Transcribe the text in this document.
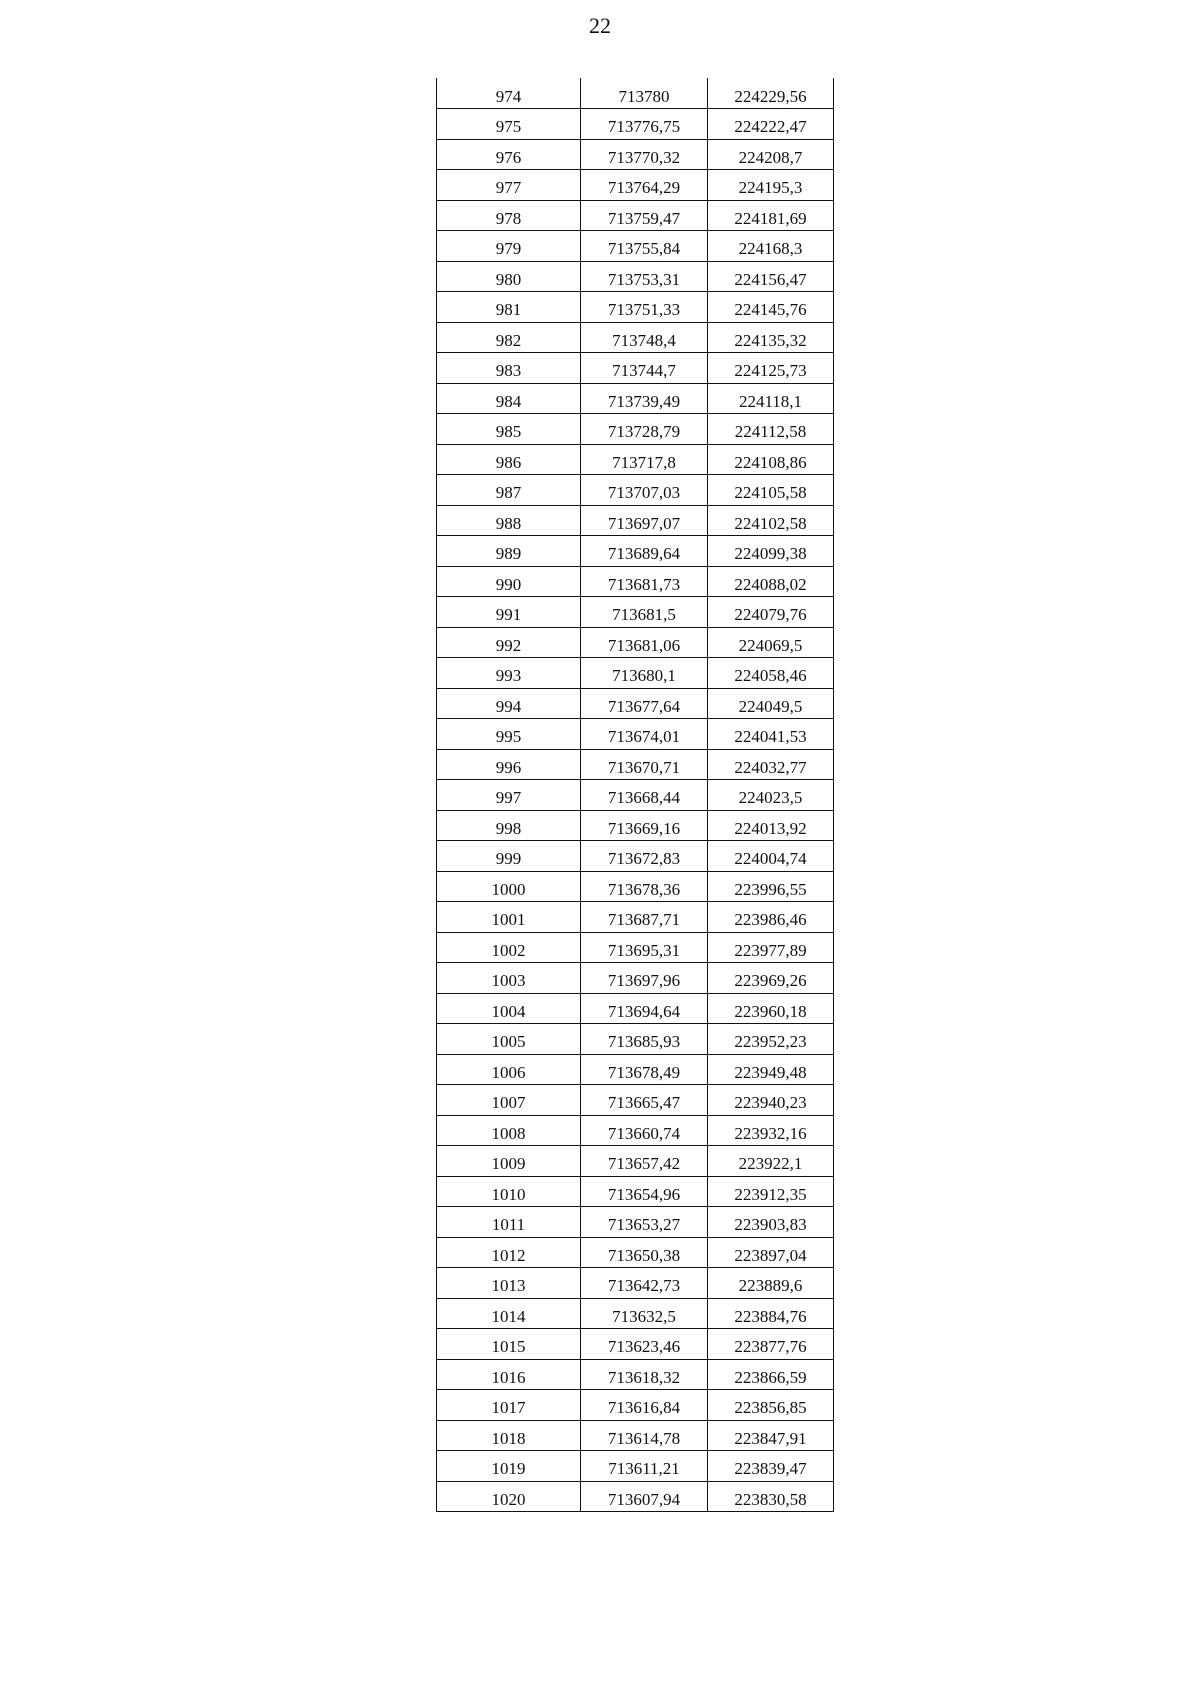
22
974	713780	224229,56
975	713776,75	224222,47
976	713770,32	224208,7
977	713764,29	224195,3
978	713759,47	224181,69
979	713755,84	224168,3
980	713753,31	224156,47
981	713751,33	224145,76
982	713748,4	224135,32
983	713744,7	224125,73
984	713739,49	224118,1
985	713728,79	224112,58
986	713717,8	224108,86
987	713707,03	224105,58
988	713697,07	224102,58
989	713689,64	224099,38
990	713681,73	224088,02
991	713681,5	224079,76
992	713681,06	224069,5
993	713680,1	224058,46
994	713677,64	224049,5
995	713674,01	224041,53
996	713670,71	224032,77
997	713668,44	224023,5
998	713669,16	224013,92
999	713672,83	224004,74
1000	713678,36	223996,55
1001	713687,71	223986,46
1002	713695,31	223977,89
1003	713697,96	223969,26
1004	713694,64	223960,18
1005	713685,93	223952,23
1006	713678,49	223949,48
1007	713665,47	223940,23
1008	713660,74	223932,16
1009	713657,42	223922,1
1010	713654,96	223912,35
1011	713653,27	223903,83
1012	713650,38	223897,04
1013	713642,73	223889,6
1014	713632,5	223884,76
1015	713623,46	223877,76
1016	713618,32	223866,59
1017	713616,84	223856,85
1018	713614,78	223847,91
1019	713611,21	223839,47
1020	713607,94	223830,58
